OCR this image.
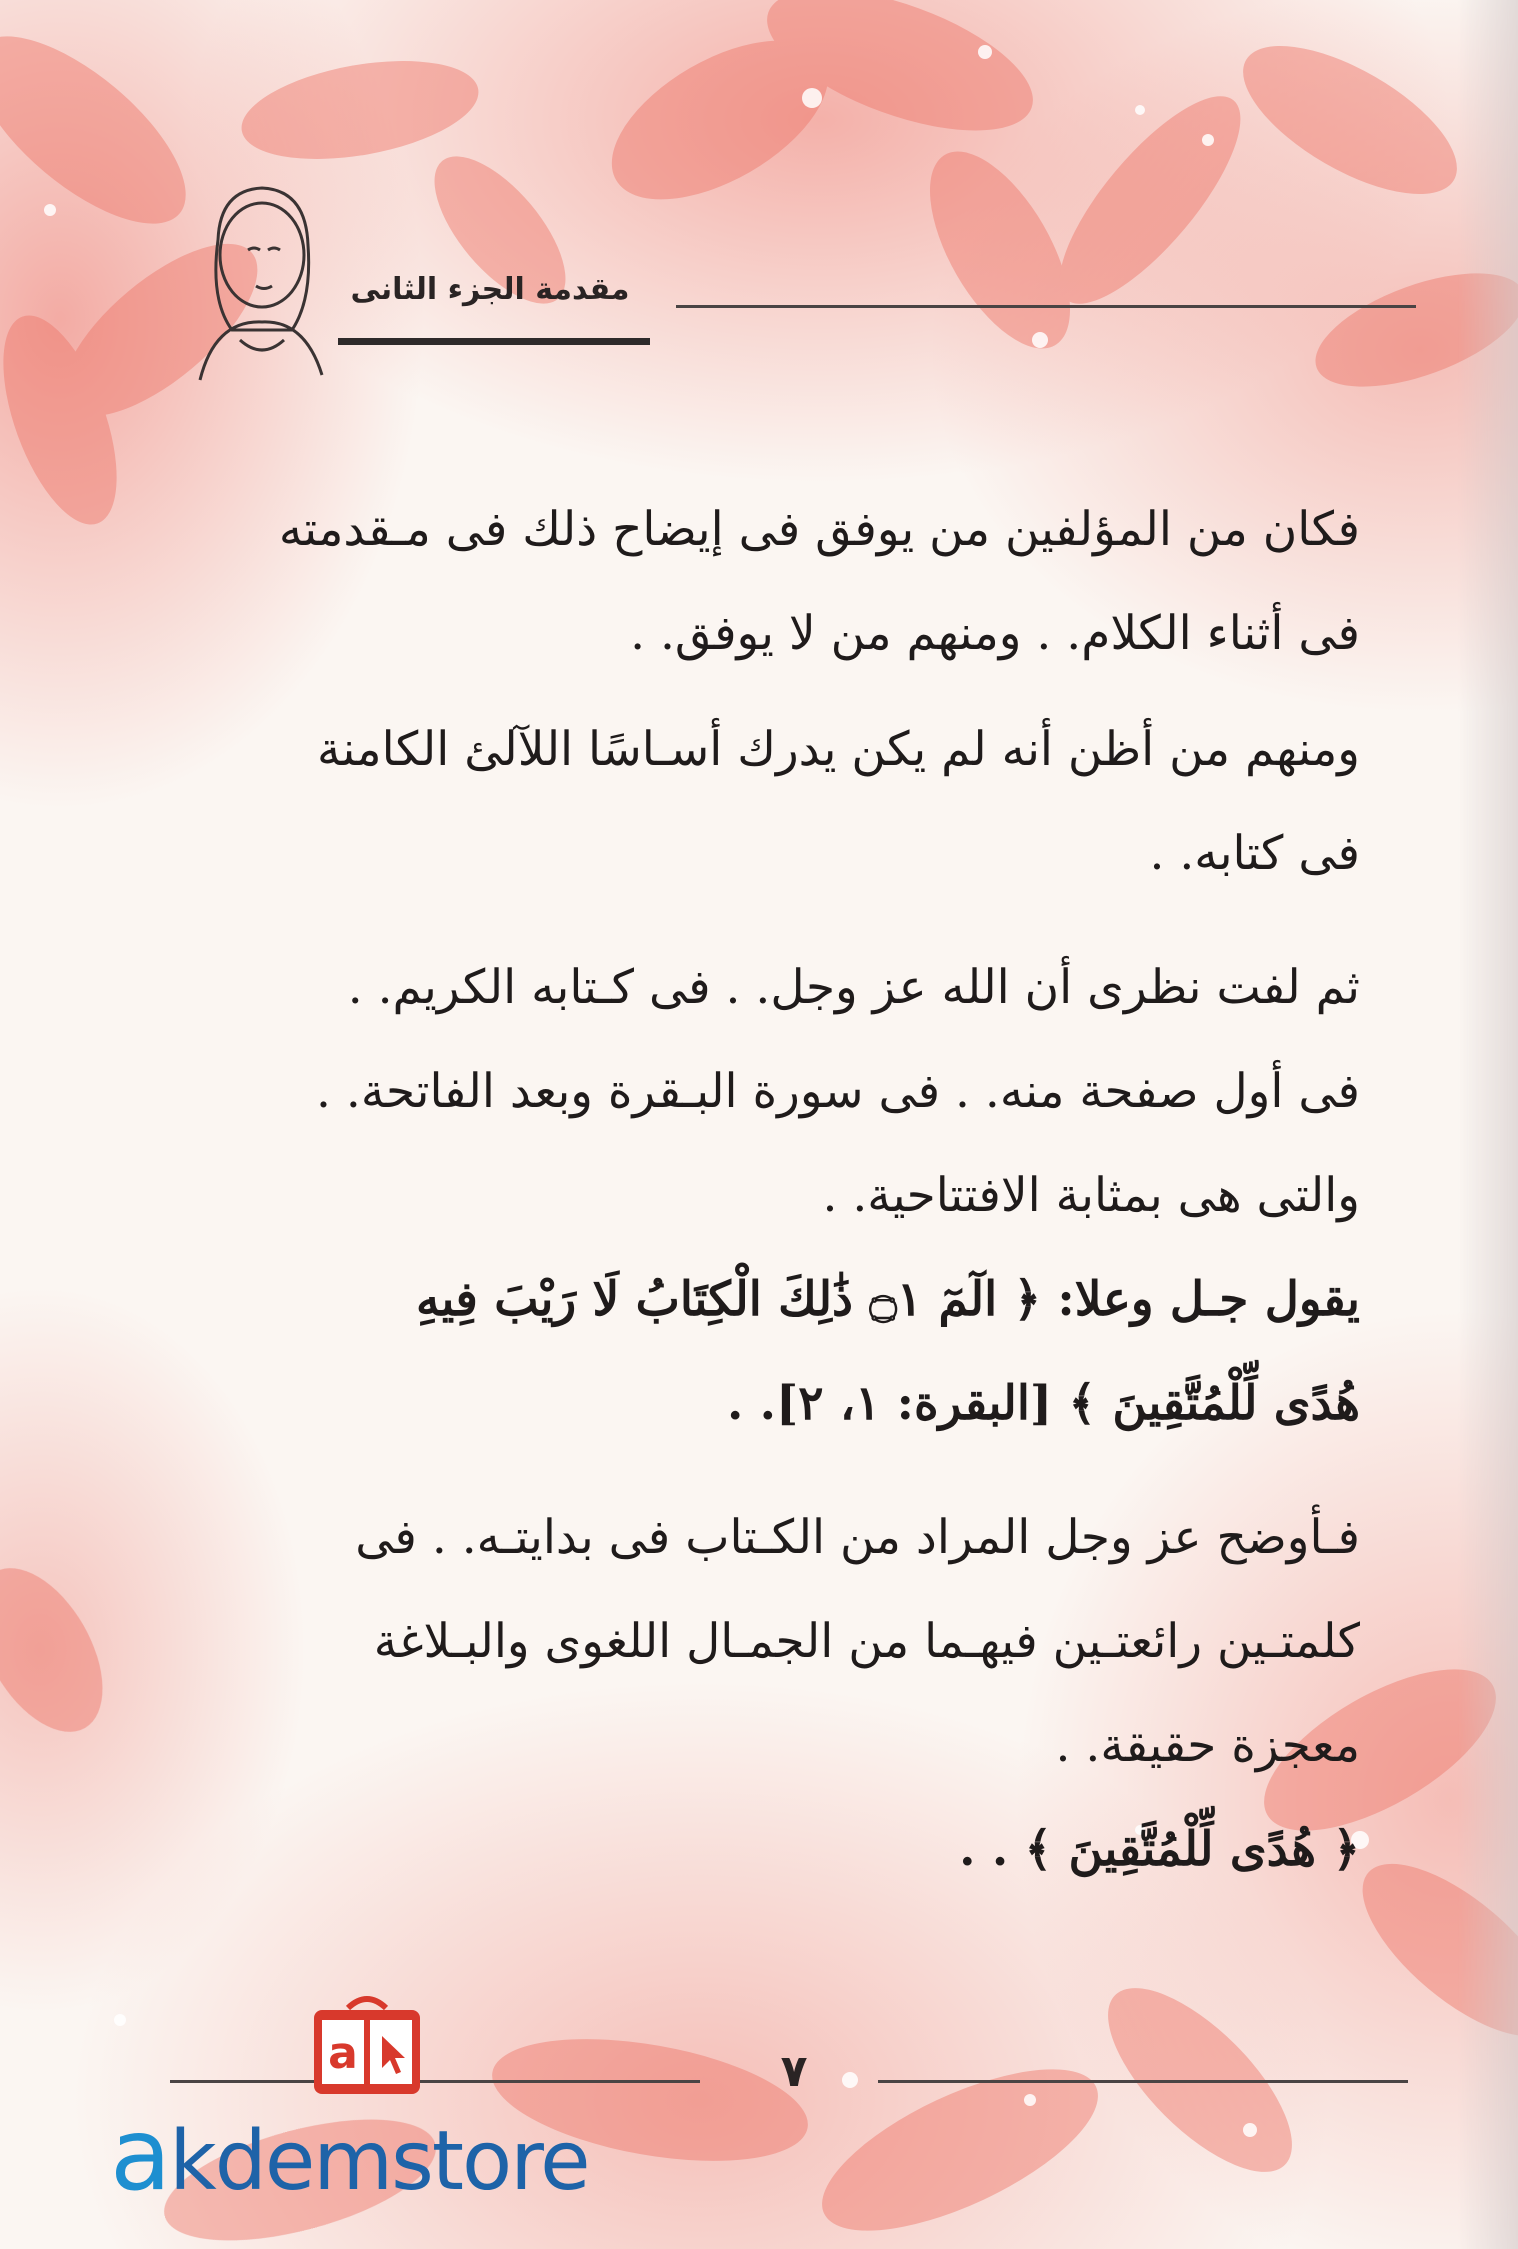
مقدمة الجزء الثانى
فكان من المؤلفين من يوفق فى إيضاح ذلك فى مـقدمته
فى أثناء الكلام. . ومنهم من لا يوفق. .
ومنهم من أظن أنه لم يكن يدرك أسـاسًا اللآلئ الكامنة
فى كتابه. .
ثم لفت نظرى أن الله عز وجل. . فى كـتابه الكريم. .
فى أول صفحة منه. . فى سورة البـقرة وبعد الفاتحة. .
والتى هى بمثابة الافتتاحية. .
يقول جـل وعلا: ﴿ الٓمٓ ۝١ ذَٰلِكَ الْكِتَابُ لَا رَيْبَ فِيهِ
هُدًى لِّلْمُتَّقِينَ ﴾ [البقرة: ١، ٢]. .
فـأوضح عز وجل المراد من الكـتاب فى بدايتـه. . فى
كلمتـين رائعتـين فيهـما من الجمـال اللغوى والبـلاغة
معجزة حقيقة. .
﴿ هُدًى لِّلْمُتَّقِينَ ﴾ . .
٧
a
akdemstore
